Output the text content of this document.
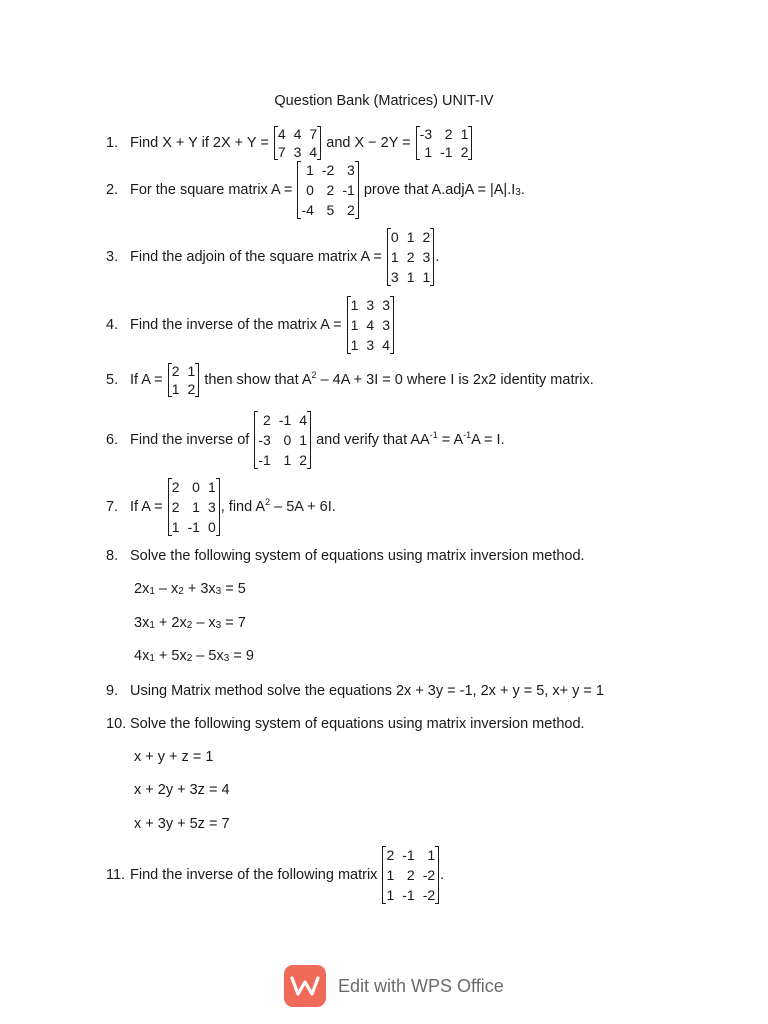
Question Bank (Matrices) UNIT-IV
1. Find X + Y if 2X + Y =
4	4	7
7	3	4
and X − 2Y =
-3	2	1
1	-1	2
2. For the square matrix A =
1	-2	3
0	2	-1
-4	5	2
prove that A.adjA = $|A|.I_3$.
3. Find the adjoin of the square matrix A =
0	1	2
1	2	3
3	1	1
.
4. Find the inverse of the matrix A =
1	3	3
1	4	3
1	3	4
5. If A =
2	1
1	2
then show that $A^2 - 4A + 3I = 0$ where I is 2x2 identity matrix.
6. Find the inverse of
2	-1	4
-3	0	1
-1	1	2
and verify that $AA^{-1} = A^{-1}A = I$.
7. If A =
2	0	1
2	1	3
1	-1	0
, find $A^2 - 5A + 6I$.
8. Solve the following system of equations using matrix inversion method.
$2x_1 - x_2 + 3x_3 = 5$
$3x_1 + 2x_2 - x_3 = 7$
$4x_1 + 5x_2 - 5x_3 = 9$
9. Using Matrix method solve the equations 2x + 3y = -1, 2x + y = 5, x+ y = 1
10. Solve the following system of equations using matrix inversion method.
x + y + z = 1
x + 2y + 3z = 4
x + 3y + 5z = 7
11. Find the inverse of the following matrix
2	-1	1
1	2	-2
1	-1	-2
.
Edit with WPS Office
